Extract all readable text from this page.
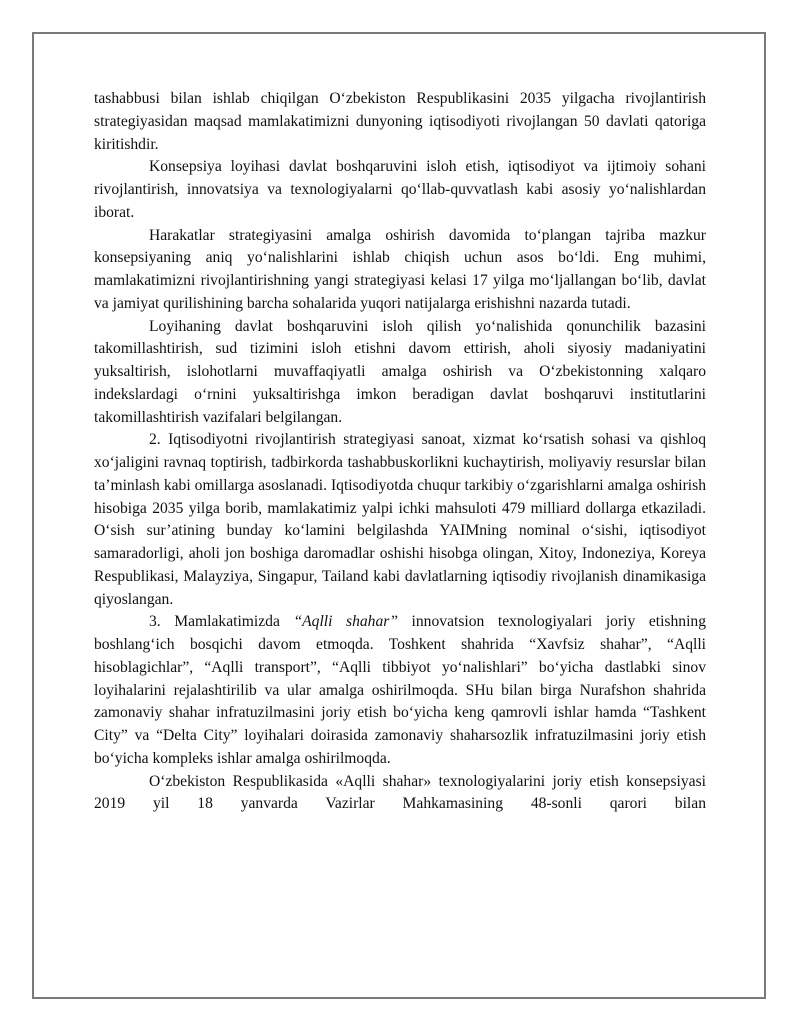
tashabbusi bilan ishlab chiqilgan O‘zbekiston Respublikasini 2035 yilgacha rivojlantirish strategiyasidan maqsad mamlakatimizni dunyoning iqtisodiyoti rivojlangan 50 davlati qatoriga kiritishdir.

Konsepsiya loyihasi davlat boshqaruvini isloh etish, iqtisodiyot va ijtimoiy sohani rivojlantirish, innovatsiya va texnologiyalarni qo‘llab-quvvatlash kabi asosiy yo‘nalishlardan iborat.

Harakatlar strategiyasini amalga oshirish davomida to‘plangan tajriba mazkur konsepsiyaning aniq yo‘nalishlarini ishlab chiqish uchun asos bo‘ldi. Eng muhimi, mamlakatimizni rivojlantirishning yangi strategiyasi kelasi 17 yilga mo‘ljallangan bo‘lib, davlat va jamiyat qurilishining barcha sohalarida yuqori natijalarga erishishni nazarda tutadi.

Loyihaning davlat boshqaruvini isloh qilish yo‘nalishida qonunchilik bazasini takomillashtirish, sud tizimini isloh etishni davom ettirish, aholi siyosiy madaniyatini yuksaltirish, islohotlarni muvaffaqiyatli amalga oshirish va O‘zbekistonning xalqaro indekslardagi o‘rnini yuksaltirishga imkon beradigan davlat boshqaruvi institutlarini takomillashtirish vazifalari belgilangan.

2. Iqtisodiyotni rivojlantirish strategiyasi sanoat, xizmat ko‘rsatish sohasi va qishloq xo‘jaligini ravnaq toptirish, tadbirkorda tashabbuskorlikni kuchaytirish, moliyaviy resurslar bilan ta’minlash kabi omillarga asoslanadi. Iqtisodiyotda chuqur tarkibiy o‘zgarishlarni amalga oshirish hisobiga 2035 yilga borib, mamlakatimiz yalpi ichki mahsuloti 479 milliard dollarga etkaziladi. O‘sish sur’atining bunday ko‘lamini belgilashda YAIMning nominal o‘sishi, iqtisodiyot samaradorligi, aholi jon boshiga daromadlar oshishi hisobga olingan, Xitoy, Indoneziya, Koreya Respublikasi, Malayziya, Singapur, Tailand kabi davlatlarning iqtisodiy rivojlanish dinamikasiga qiyoslangan.

3. Mamlakatimizda “Aqlli shahar” innovatsion texnologiyalari joriy etishning boshlang‘ich bosqichi davom etmoqda. Toshkent shahrida “Xavfsiz shahar”, “Aqlli hisoblagichlar”, “Aqlli transport”, “Aqlli tibbiyot yo‘nalishlari” bo‘yicha dastlabki sinov loyihalarini rejalashtirilib va ular amalga oshirilmoqda. SHu bilan birga Nurafshon shahrida zamonaviy shahar infratuzilmasini joriy etish bo‘yicha keng qamrovli ishlar hamda “Tashkent City” va “Delta City” loyihalari doirasida zamonaviy shaharsozlik infratuzilmasini joriy etish bo‘yicha kompleks ishlar amalga oshirilmoqda.

O‘zbekiston Respublikasida «Aqlli shahar» texnologiyalarini joriy etish konsepsiyasi 2019 yil 18 yanvarda Vazirlar Mahkamasining 48-sonli qarori bilan
